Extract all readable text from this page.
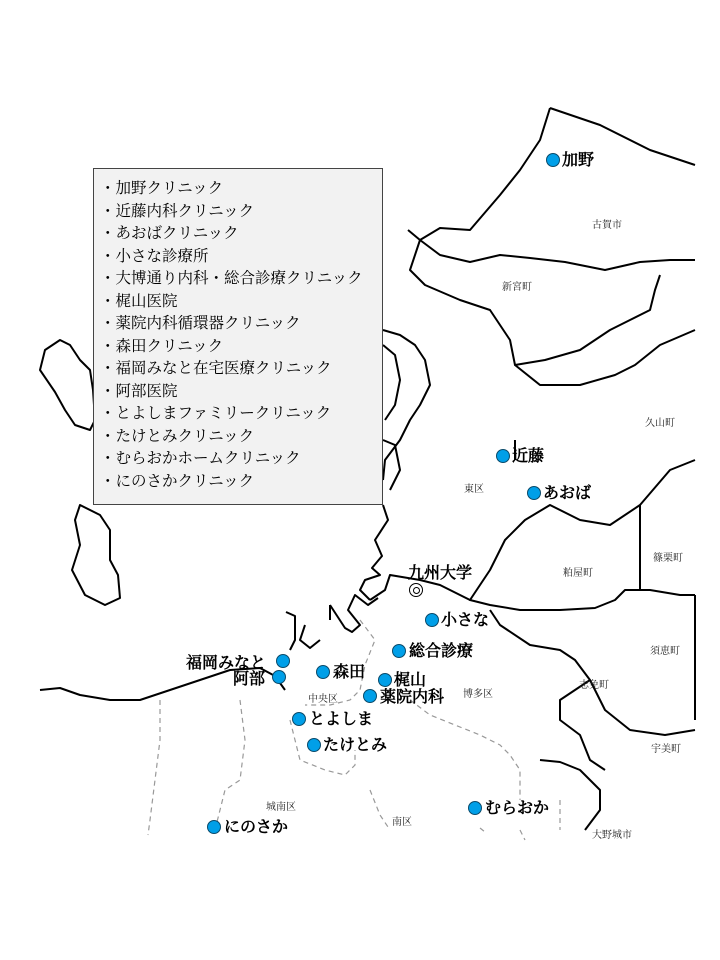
・ 加野クリニック
・ 近藤内科クリニック
・ あおばクリニック
・ 小さな診療所
・ 大博通り内科・総合診療クリニック
・ 梶山医院
・ 薬院内科循環器クリニック
・ 森田クリニック
・ 福岡みなと在宅医療クリニック
・ 阿部医院
・ とよしまファミリークリニック
・ たけとみクリニック
・ むらおかホームクリニック
・ にのさかクリニック
古賀市
新宮町
久山町
東区
粕屋町
篠栗町
須恵町
志免町
宇美町
中央区	博多区
城南区
南区
大野城市
九州大学
加野
近藤
あおば
小さな
総合診療
梶山
薬院内科
森田
福岡みなと
阿部
とよしま
たけとみ
むらおか
にのさか
